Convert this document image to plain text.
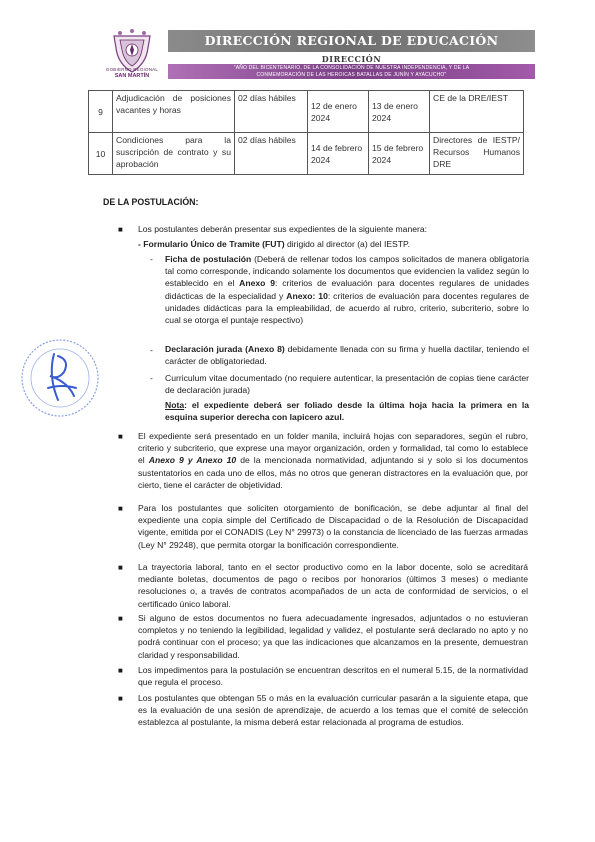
GOBIERNO REGIONAL
SAN MARTÍN
DIRECCIÓN REGIONAL DE EDUCACIÓN
DIRECCIÓN
"AÑO DEL BICENTENARIO, DE LA CONSOLIDACIÓN DE NUESTRA INDEPENDENCIA, Y DE LA
CONMEMORACIÓN DE LAS HEROICAS BATALLAS DE JUNÍN Y AYACUCHO"
9	Adjudicación de posiciones vacantes y horas	02 días hábiles	12 de enero 2024	13 de enero 2024	CE de la DRE/IEST
10	Condiciones para la suscripción de contrato y su aprobación	02 días hábiles	14 de febrero 2024	15 de febrero 2024	Directores de IESTP/ Recursos Humanos DRE
DE LA POSTULACIÓN:
■ Los postulantes deberán presentar sus expedientes de la siguiente manera:
- Formulario Único de Tramite (FUT) dirigido al director (a) del IESTP.
- Ficha de postulación (Deberá de rellenar todos los campos solicitados de manera obligatoria tal como corresponde, indicando solamente los documentos que evidencien la validez según lo establecido en el Anexo 9: criterios de evaluación para docentes regulares de unidades didácticas de la especialidad y Anexo: 10: criterios de evaluación para docentes regulares de unidades didácticas para la empleabilidad, de acuerdo al rubro, criterio, subcriterio, sobre lo cual se otorga el puntaje respectivo)
- Declaración jurada (Anexo 8) debidamente llenada con su firma y huella dactilar, teniendo el carácter de obligatoriedad.
- Curriculum vitae documentado (no requiere autenticar, la presentación de copias tiene carácter de declaración jurada)
Nota: el expediente deberá ser foliado desde la última hoja hacia la primera en la esquina superior derecha con lapicero azul.
■ El expediente será presentado en un folder manila, incluirá hojas con separadores, según el rubro, criterio y subcriterio, que exprese una mayor organización, orden y formalidad, tal como lo establece el Anexo 9 y Anexo 10 de la mencionada normatividad, adjuntando si y solo si los documentos sustentatorios en cada uno de ellos, más no otros que generan distractores en la evaluación que, por cierto, tiene el carácter de objetividad.
■ Para los postulantes que soliciten otorgamiento de bonificación, se debe adjuntar al final del expediente una copia simple del Certificado de Discapacidad o de la Resolución de Discapacidad vigente, emitida por el CONADIS (Ley N° 29973) o la constancia de licenciado de las fuerzas armadas (Ley N° 29248), que permita otorgar la bonificación correspondiente.
■ La trayectoria laboral, tanto en el sector productivo como en la labor docente, solo se acreditará mediante boletas, documentos de pago o recibos por honorarios (últimos 3 meses) o mediante resoluciones o, a través de contratos acompañados de un acta de conformidad de servicios, o el certificado único laboral.
■ Si alguno de estos documentos no fuera adecuadamente ingresados, adjuntados o no estuvieran completos y no teniendo la legibilidad, legalidad y validez, el postulante será declarado no apto y no podrá continuar con el proceso; ya que las indicaciones que alcanzamos en la presente, demuestran claridad y responsabilidad.
■ Los impedimentos para la postulación se encuentran descritos en el numeral 5.15, de la normatividad que regula el proceso.
■ Los postulantes que obtengan 55 o más en la evaluación curricular pasarán a la siguiente etapa, que es la evaluación de una sesión de aprendizaje, de acuerdo a los temas que el comité de selección establezca al postulante, la misma deberá estar relacionada al programa de estudios.
